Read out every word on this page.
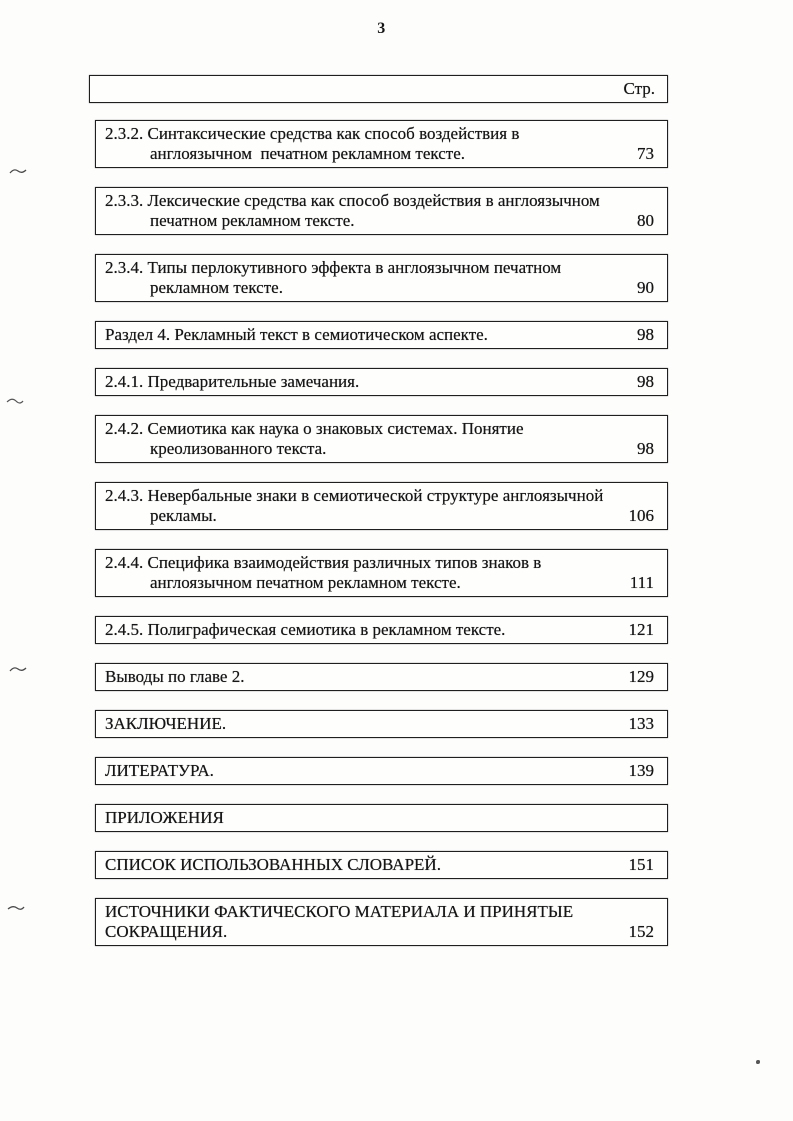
3
Стр.
2.3.2. Синтаксические средства как способ воздействия в
англоязычном  печатном рекламном тексте.	73
2.3.3. Лексические средства как способ воздействия в англоязычном
печатном рекламном тексте.	80
2.3.4. Типы перлокутивного эффекта в англоязычном печатном
рекламном тексте.	90
Раздел 4. Рекламный текст в семиотическом аспекте.	98
2.4.1. Предварительные замечания.	98
2.4.2. Семиотика как наука о знаковых системах. Понятие
креолизованного текста.	98
2.4.3. Невербальные знаки в семиотической структуре англоязычной
рекламы.	106
2.4.4. Специфика взаимодействия различных типов знаков в
англоязычном печатном рекламном тексте.	111
2.4.5. Полиграфическая семиотика в рекламном тексте.	121
Выводы по главе 2.	129
ЗАКЛЮЧЕНИЕ.	133
ЛИТЕРАТУРА.	139
ПРИЛОЖЕНИЯ
СПИСОК ИСПОЛЬЗОВАННЫХ СЛОВАРЕЙ.	151
ИСТОЧНИКИ ФАКТИЧЕСКОГО МАТЕРИАЛА И ПРИНЯТЫЕ
СОКРАЩЕНИЯ.	152
